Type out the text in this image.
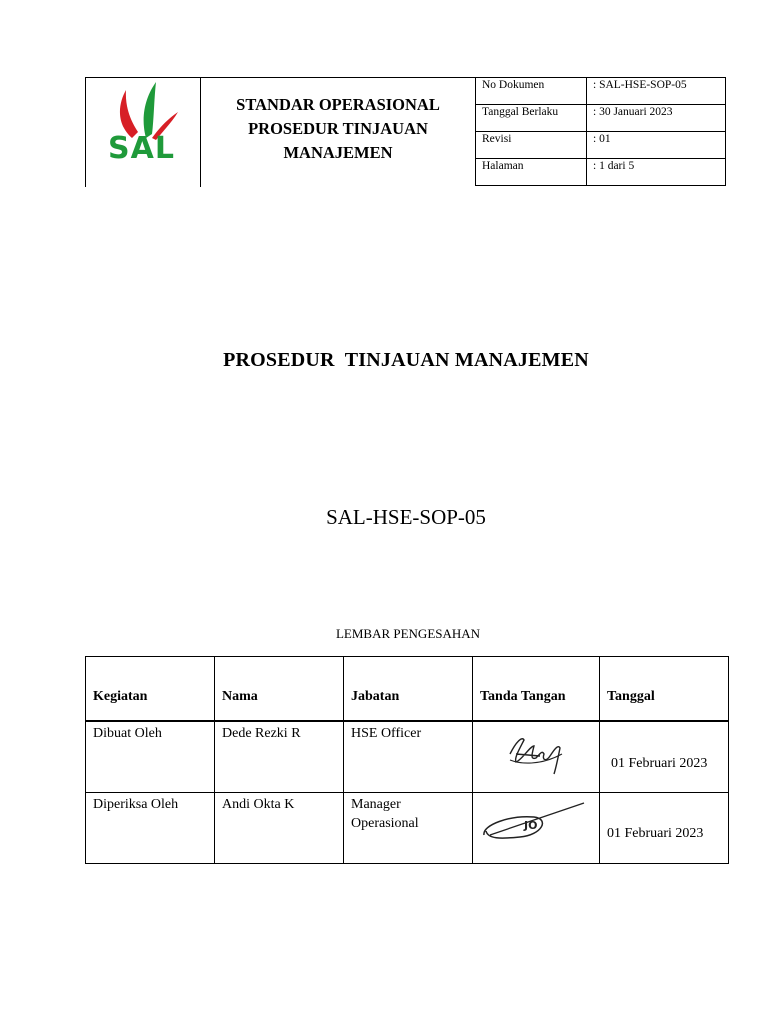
SAL
STANDAR OPERASIONAL PROSEDUR TINJAUAN MANAJEMEN
No Dokumen	: SAL-HSE-SOP-05
Tanggal Berlaku	: 30 Januari 2023
Revisi	: 01
Halaman	: 1 dari 5
PROSEDUR  TINJAUAN MANAJEMEN
SAL-HSE-SOP-05
LEMBAR PENGESAHAN
Kegiatan	Nama	Jabatan	Tanda Tangan	Tanggal
Dibuat Oleh	Dede Rezki R	HSE Officer		01 Februari 2023

Diperiksa Oleh	Andi Okta K	Manager Operasional	JO	01 Februari 2023
